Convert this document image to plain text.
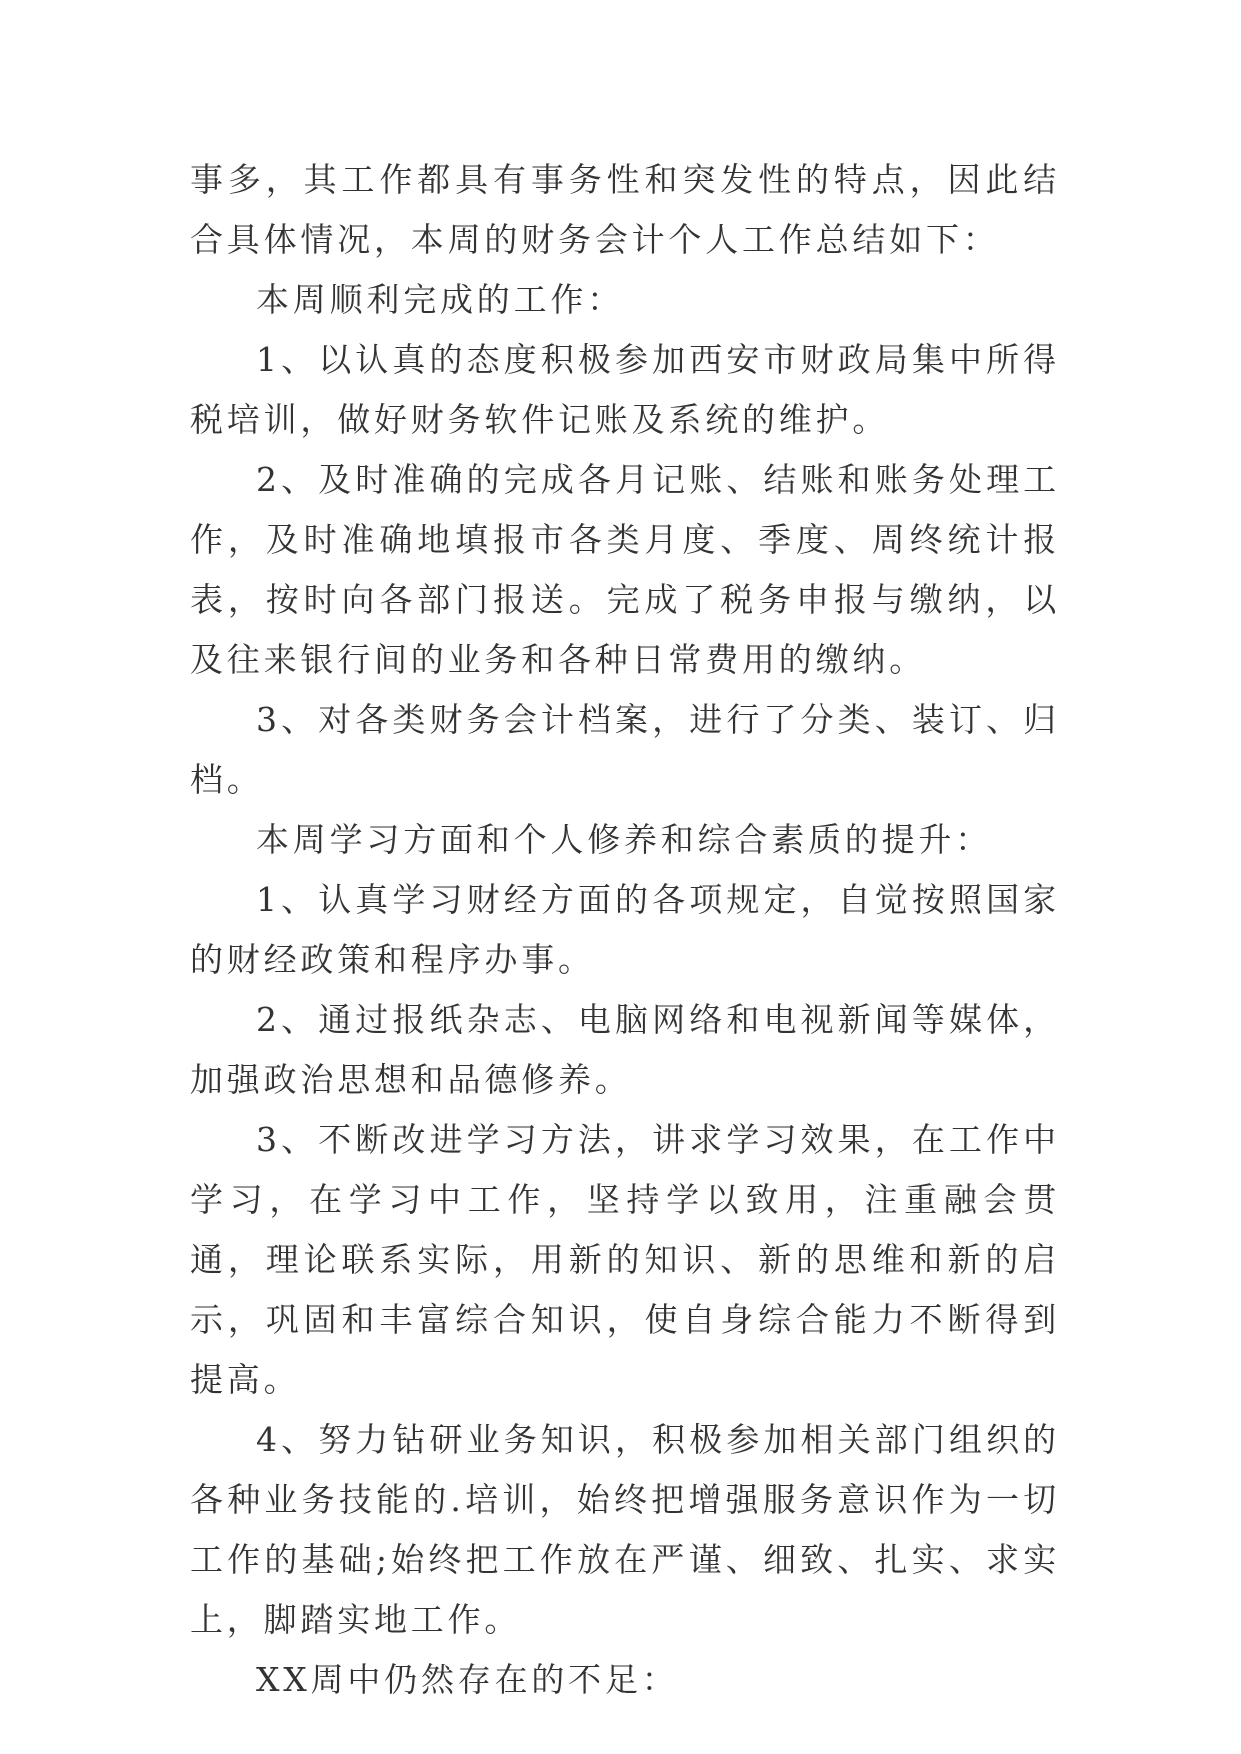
事多，其工作都具有事务性和突发性的特点，因此结合具体情况，本周的财务会计个人工作总结如下：

本周顺利完成的工作：

1、以认真的态度积极参加西安市财政局集中所得税培训，做好财务软件记账及系统的维护。

2、及时准确的完成各月记账、结账和账务处理工作，及时准确地填报市各类月度、季度、周终统计报表，按时向各部门报送。完成了税务申报与缴纳，以及往来银行间的业务和各种日常费用的缴纳。

3、对各类财务会计档案，进行了分类、装订、归档。

本周学习方面和个人修养和综合素质的提升：

1、认真学习财经方面的各项规定，自觉按照国家的财经政策和程序办事。

2、通过报纸杂志、电脑网络和电视新闻等媒体，加强政治思想和品德修养。

3、不断改进学习方法，讲求学习效果，在工作中学习，在学习中工作，坚持学以致用，注重融会贯通，理论联系实际，用新的知识、新的思维和新的启示，巩固和丰富综合知识，使自身综合能力不断得到提高。

4、努力钻研业务知识，积极参加相关部门组织的各种业务技能的.培训，始终把增强服务意识作为一切工作的基础;始终把工作放在严谨、细致、扎实、求实上，脚踏实地工作。

XX周中仍然存在的不足：
